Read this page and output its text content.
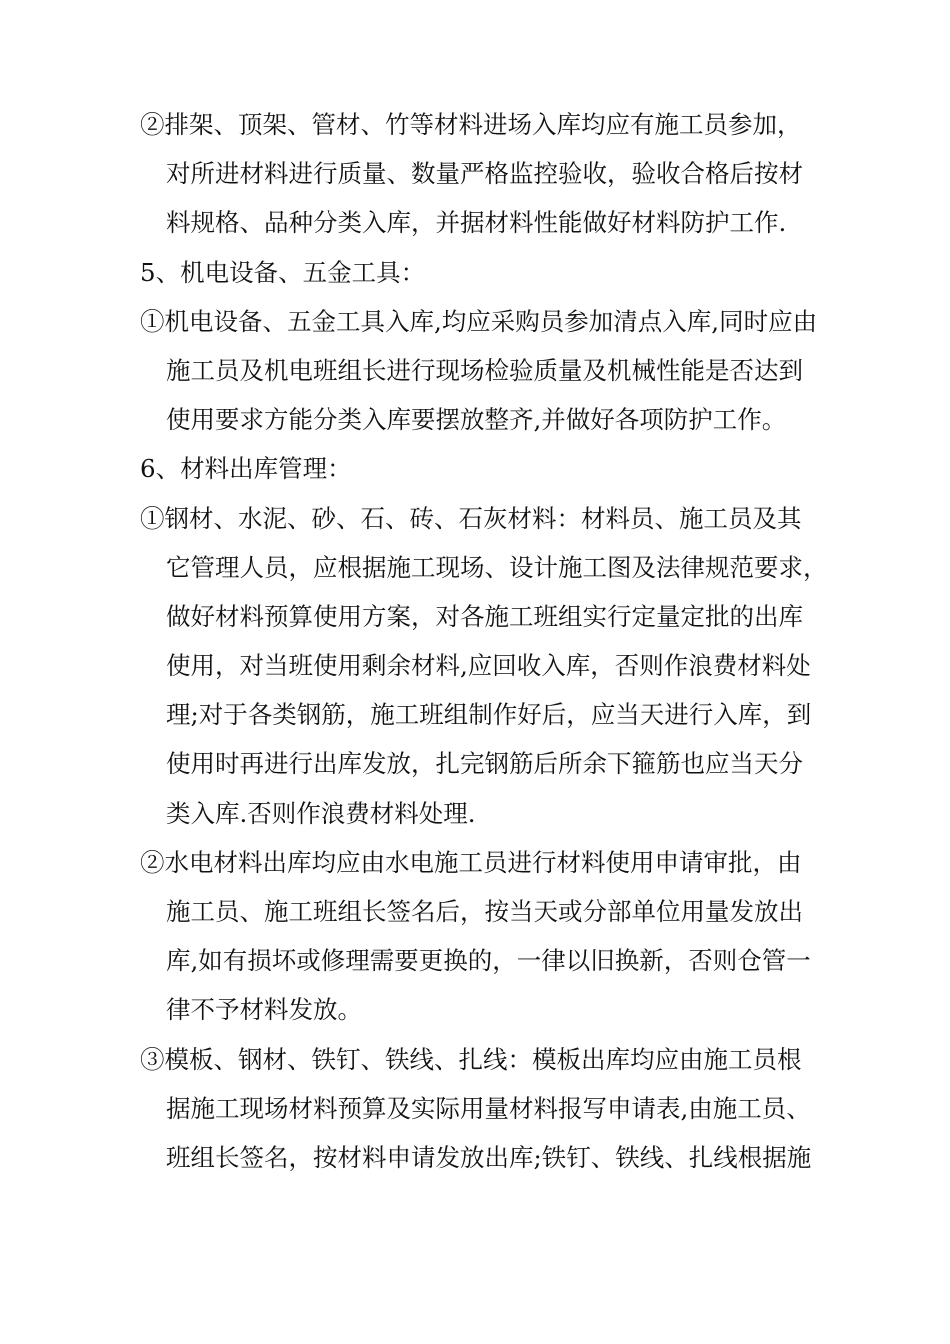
②排架、顶架、管材、竹等材料进场入库均应有施工员参加，
对所进材料进行质量、数量严格监控验收，验收合格后按材
料规格、品种分类入库，并据材料性能做好材料防护工作.
5、机电设备、五金工具：
①机电设备、五金工具入库,均应采购员参加清点入库,同时应由
施工员及机电班组长进行现场检验质量及机械性能是否达到
使用要求方能分类入库要摆放整齐,并做好各项防护工作。
6、材料出库管理：
①钢材、水泥、砂、石、砖、石灰材料：材料员、施工员及其
它管理人员，应根据施工现场、设计施工图及法律规范要求，
做好材料预算使用方案，对各施工班组实行定量定批的出库
使用，对当班使用剩余材料,应回收入库，否则作浪费材料处
理;对于各类钢筋，施工班组制作好后，应当天进行入库，到
使用时再进行出库发放，扎完钢筋后所余下箍筋也应当天分
类入库.否则作浪费材料处理.
②水电材料出库均应由水电施工员进行材料使用申请审批，由
施工员、施工班组长签名后，按当天或分部单位用量发放出
库,如有损坏或修理需要更换的，一律以旧换新，否则仓管一
律不予材料发放。
③模板、钢材、铁钉、铁线、扎线：模板出库均应由施工员根
据施工现场材料预算及实际用量材料报写申请表,由施工员、
班组长签名，按材料申请发放出库;铁钉、铁线、扎线根据施
